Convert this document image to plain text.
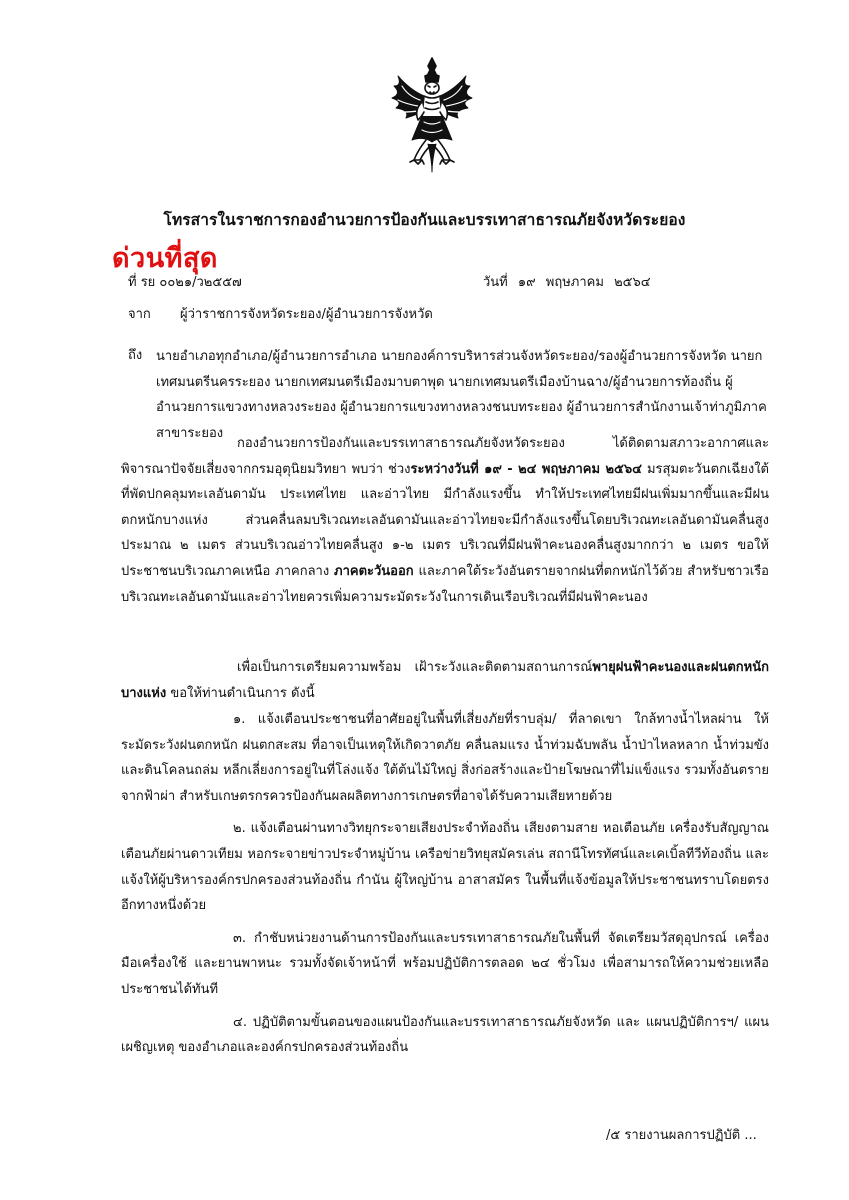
โทรสารในราชการกองอำนวยการป้องกันและบรรเทาสาธารณภัยจังหวัดระยอง
ด่วนที่สุด
ที่ รย ๐๐๒๑/ว๒๕๕๗	วันที่ ๑๙ พฤษภาคม ๒๕๖๔
จาก ผู้ว่าราชการจังหวัดระยอง/ผู้อำนวยการจังหวัด
ถึง นายอำเภอทุกอำเภอ/ผู้อำนวยการอำเภอ นายกองค์การบริหารส่วนจังหวัดระยอง/รองผู้อำนวยการจังหวัด นายกเทศมนตรีนครระยอง นายกเทศมนตรีเมืองมาบตาพุด นายกเทศมนตรีเมืองบ้านฉาง/ผู้อำนวยการท้องถิ่น ผู้อำนวยการแขวงทางหลวงระยอง ผู้อำนวยการแขวงทางหลวงชนบทระยอง ผู้อำนวยการสำนักงานเจ้าท่าภูมิภาค สาขาระยอง
กองอำนวยการป้องกันและบรรเทาสาธารณภัยจังหวัดระยอง ได้ติดตามสภาวะอากาศและพิจารณาปัจจัยเสี่ยงจากกรมอุตุนิยมวิทยา พบว่า ช่วงระหว่างวันที่ ๑๙ - ๒๔ พฤษภาคม ๒๕๖๔ มรสุมตะวันตกเฉียงใต้ที่พัดปกคลุมทะเลอันดามัน ประเทศไทย และอ่าวไทย มีกำลังแรงขึ้น ทำให้ประเทศไทยมีฝนเพิ่มมากขึ้นและมีฝนตกหนักบางแห่ง ส่วนคลื่นลมบริเวณทะเลอันดามันและอ่าวไทยจะมีกำลังแรงขึ้นโดยบริเวณทะเลอันดามันคลื่นสูงประมาณ ๒ เมตร ส่วนบริเวณอ่าวไทยคลื่นสูง ๑-๒ เมตร บริเวณที่มีฝนฟ้าคะนองคลื่นสูงมากกว่า ๒ เมตร ขอให้ประชาชนบริเวณภาคเหนือ ภาคกลาง ภาคตะวันออก และภาคใต้ระวังอันตรายจากฝนที่ตกหนักไว้ด้วย สำหรับชาวเรือบริเวณทะเลอันดามันและอ่าวไทยควรเพิ่มความระมัดระวังในการเดินเรือบริเวณที่มีฝนฟ้าคะนอง
เพื่อเป็นการเตรียมความพร้อม เฝ้าระวังและติดตามสถานการณ์พายุฝนฟ้าคะนองและฝนตกหนักบางแห่ง ขอให้ท่านดำเนินการ ดังนี้

๑. แจ้งเตือนประชาชนที่อาศัยอยู่ในพื้นที่เสี่ยงภัยที่ราบลุ่ม/ ที่ลาดเขา ใกล้ทางน้ำไหลผ่าน ให้ระมัดระวังฝนตกหนัก ฝนตกสะสม ที่อาจเป็นเหตุให้เกิดวาตภัย คลื่นลมแรง น้ำท่วมฉับพลัน น้ำป่าไหลหลาก น้ำท่วมขัง และดินโคลนถล่ม หลีกเลี่ยงการอยู่ในที่โล่งแจ้ง ใต้ต้นไม้ใหญ่ สิ่งก่อสร้างและป้ายโฆษณาที่ไม่แข็งแรง รวมทั้งอันตรายจากฟ้าผ่า สำหรับเกษตรกรควรป้องกันผลผลิตทางการเกษตรที่อาจได้รับความเสียหายด้วย

๒. แจ้งเตือนผ่านทางวิทยุกระจายเสียงประจำท้องถิ่น เสียงตามสาย หอเตือนภัย เครื่องรับสัญญาณเตือนภัยผ่านดาวเทียม หอกระจายข่าวประจำหมู่บ้าน เครือข่ายวิทยุสมัครเล่น สถานีโทรทัศน์และเคเบิ้ลทีวีท้องถิ่น และแจ้งให้ผู้บริหารองค์กรปกครองส่วนท้องถิ่น กำนัน ผู้ใหญ่บ้าน อาสาสมัคร ในพื้นที่แจ้งข้อมูลให้ประชาชนทราบโดยตรงอีกทางหนึ่งด้วย

๓. กำชับหน่วยงานด้านการป้องกันและบรรเทาสาธารณภัยในพื้นที่ จัดเตรียมวัสดุอุปกรณ์ เครื่องมือเครื่องใช้ และยานพาหนะ รวมทั้งจัดเจ้าหน้าที่ พร้อมปฏิบัติการตลอด ๒๔ ชั่วโมง เพื่อสามารถให้ความช่วยเหลือประชาชนได้ทันที

๔. ปฏิบัติตามขั้นตอนของแผนป้องกันและบรรเทาสาธารณภัยจังหวัด และ แผนปฏิบัติการฯ/ แผนเผชิญเหตุ ของอำเภอและองค์กรปกครองส่วนท้องถิ่น

/๕ รายงานผลการปฏิบัติ ...
